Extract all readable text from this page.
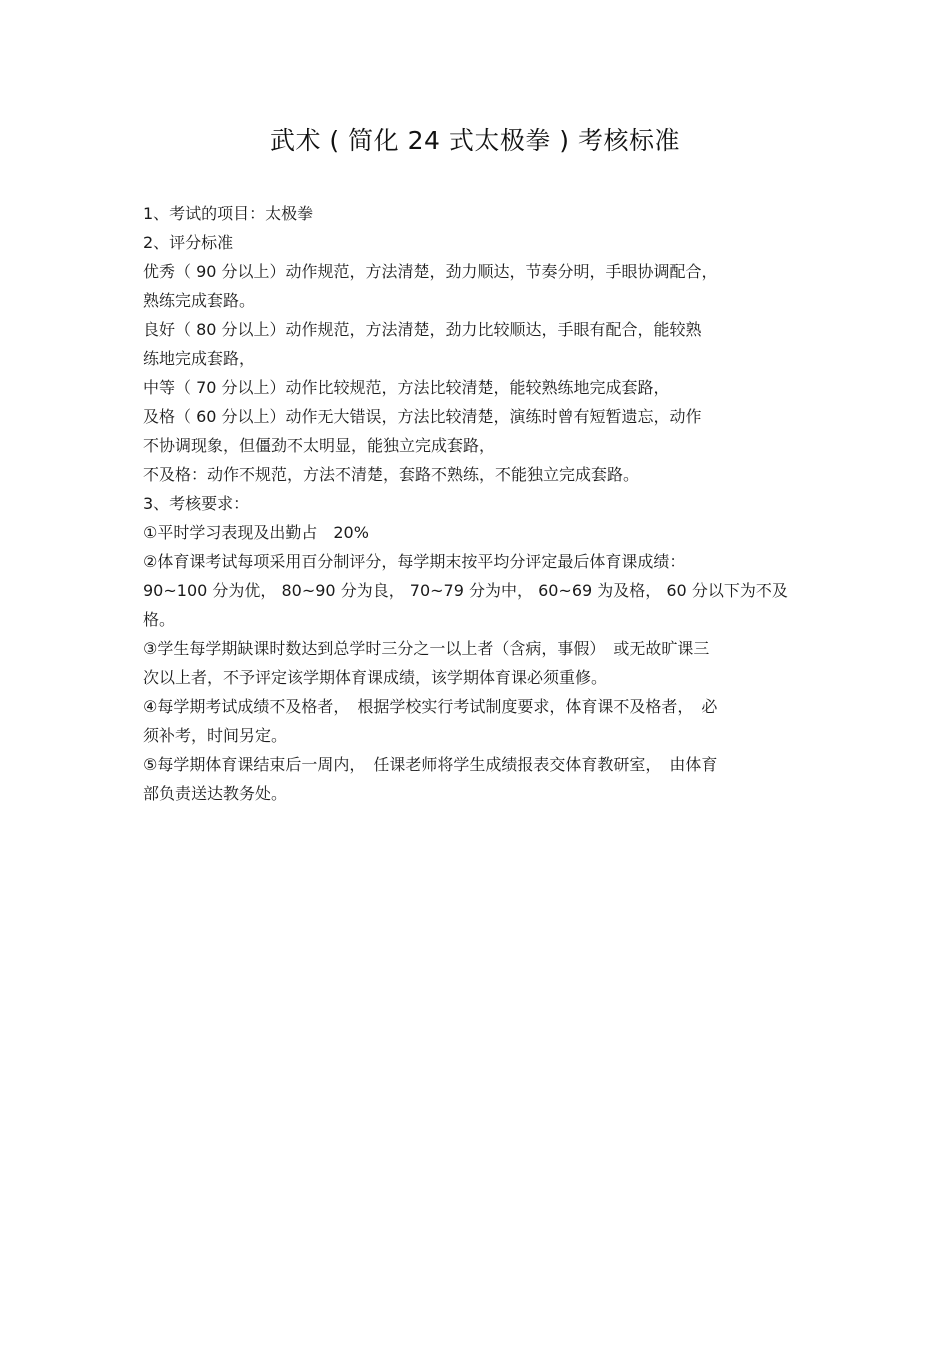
武术 ( 简化 24 式太极拳 ) 考核标准
1、考试的项目：太极拳
2、评分标准
优秀（ 90 分以上）动作规范，方法清楚，劲力顺达，节奏分明，手眼协调配合，
熟练完成套路。
良好（ 80 分以上）动作规范，方法清楚，劲力比较顺达，手眼有配合，能较熟
练地完成套路，
中等（ 70 分以上）动作比较规范，方法比较清楚，能较熟练地完成套路，
及格（ 60 分以上）动作无大错误，方法比较清楚，演练时曾有短暂遗忘，动作
不协调现象，但僵劲不太明显，能独立完成套路，
不及格：动作不规范，方法不清楚，套路不熟练，不能独立完成套路。
3、考核要求：
①平时学习表现及出勤占　20%
②体育课考试每项采用百分制评分，每学期末按平均分评定最后体育课成绩：
90~100 分为优， 80~90 分为良， 70~79 分为中， 60~69 为及格， 60 分以下为不及
格。
③学生每学期缺课时数达到总学时三分之一以上者（含病，事假）　或无故旷课三
次以上者，不予评定该学期体育课成绩，该学期体育课必须重修。
④每学期考试成绩不及格者，　根据学校实行考试制度要求，体育课不及格者，　必
须补考，时间另定。
⑤每学期体育课结束后一周内，　任课老师将学生成绩报表交体育教研室，　由体育
部负责送达教务处。
